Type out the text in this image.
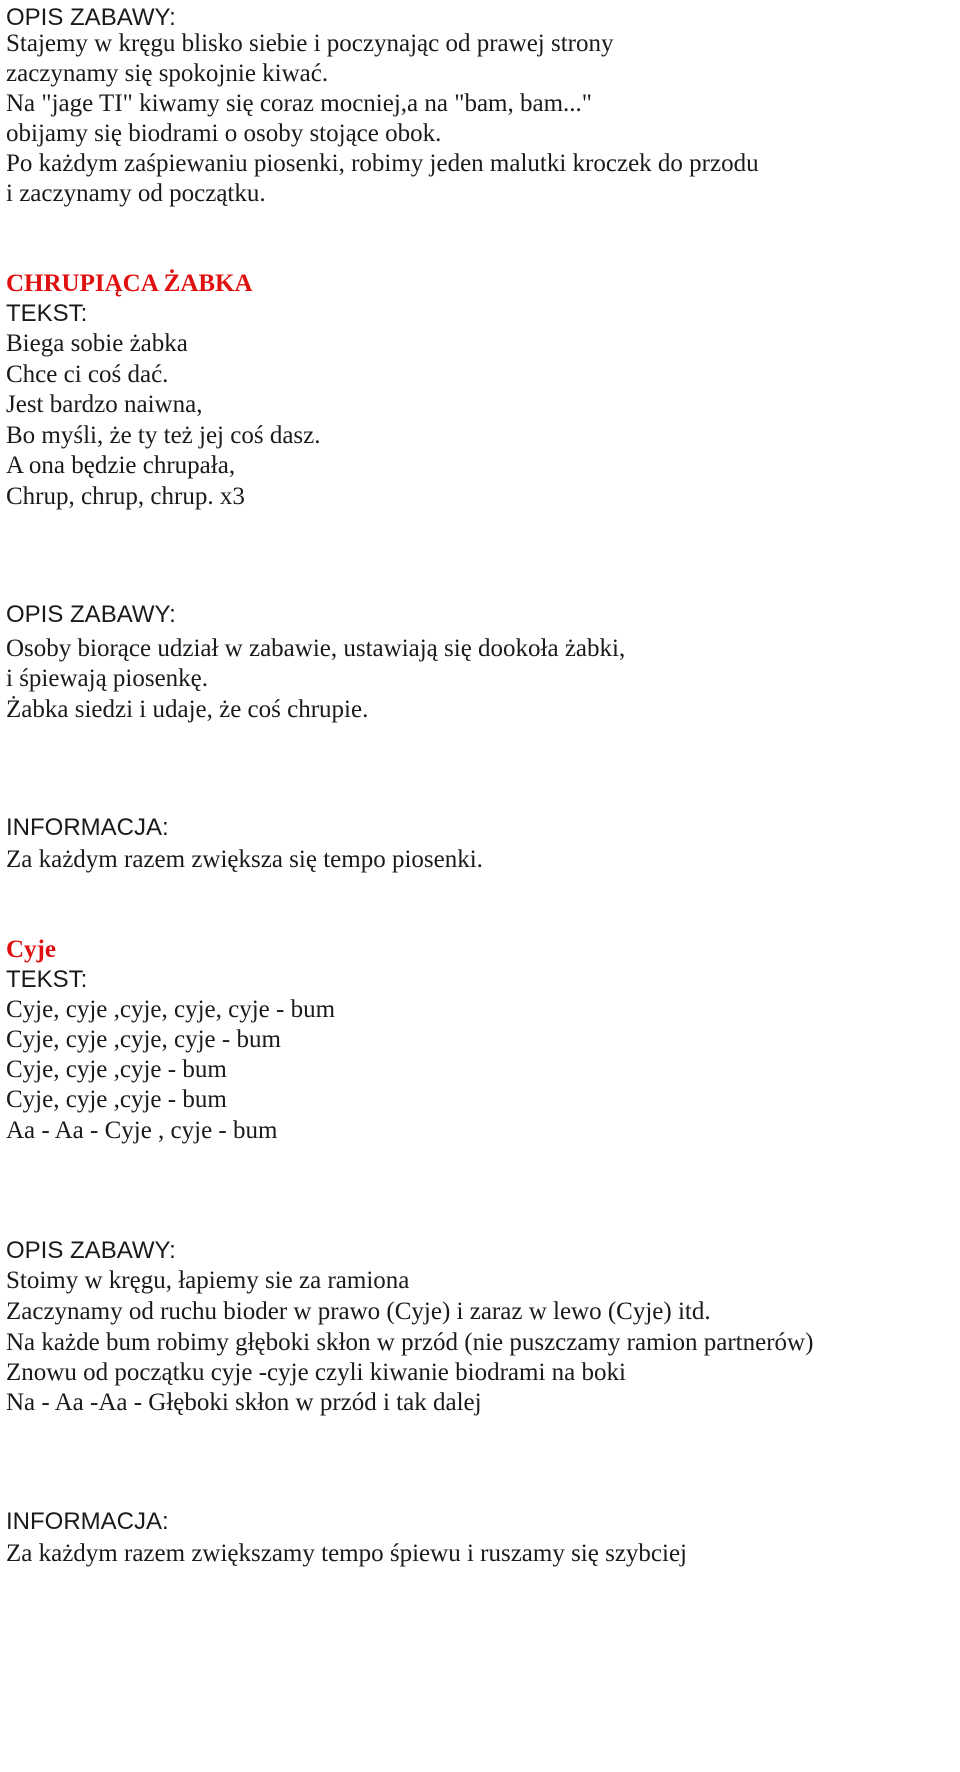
OPIS ZABAWY:
Stajemy w kręgu blisko siebie i poczynając od prawej strony
zaczynamy się spokojnie kiwać.
Na "jage TI" kiwamy się coraz mocniej,a na "bam, bam..."
obijamy się biodrami o osoby stojące obok.
Po każdym zaśpiewaniu piosenki, robimy jeden malutki kroczek do przodu
i zaczynamy od początku.
CHRUPIĄCA ŻABKA
TEKST:
Biega sobie żabka
Chce ci coś dać.
Jest bardzo naiwna,
Bo myśli, że ty też jej coś dasz.
A ona będzie chrupała,
Chrup, chrup, chrup. x3
OPIS ZABAWY:
Osoby biorące udział w zabawie, ustawiają się dookoła żabki,
i śpiewają piosenkę.
Żabka siedzi i udaje, że coś chrupie.
INFORMACJA:
Za każdym razem zwiększa się tempo piosenki.
Cyje
TEKST:
Cyje, cyje ,cyje, cyje, cyje - bum
Cyje, cyje ,cyje, cyje - bum
Cyje, cyje ,cyje - bum
Cyje, cyje ,cyje - bum
Aa - Aa - Cyje , cyje - bum
OPIS ZABAWY:
Stoimy w kręgu, łapiemy sie za ramiona
Zaczynamy od ruchu bioder w prawo (Cyje) i zaraz w lewo (Cyje) itd.
Na każde bum robimy głęboki skłon w przód (nie puszczamy ramion partnerów)
Znowu od początku cyje -cyje czyli kiwanie biodrami na boki
Na - Aa -Aa - Głęboki skłon w przód i tak dalej
INFORMACJA:
Za każdym razem zwiększamy tempo śpiewu i ruszamy się szybciej
